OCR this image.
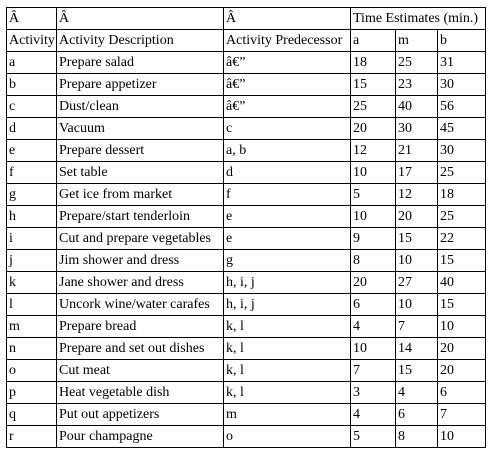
Â	Â	Â	Time Estimates (min.)		
Activity	Activity Description	Activity Predecessor	a	m	b
a	Prepare salad	â€”	18	25	31
b	Prepare appetizer	â€”	15	23	30
c	Dust/clean	â€”	25	40	56
d	Vacuum	c	20	30	45
e	Prepare dessert	a, b	12	21	30
f	Set table	d	10	17	25
g	Get ice from market	f	5	12	18
h	Prepare/start tenderloin	e	10	20	25
i	Cut and prepare vegetables	e	9	15	22
j	Jim shower and dress	g	8	10	15
k	Jane shower and dress	h, i, j	20	27	40
l	Uncork wine/water carafes	h, i, j	6	10	15
m	Prepare bread	k, l	4	7	10
n	Prepare and set out dishes	k, l	10	14	20
o	Cut meat	k, l	7	15	20
p	Heat vegetable dish	k, l	3	4	6
q	Put out appetizers	m	4	6	7
r	Pour champagne	o	5	8	10
